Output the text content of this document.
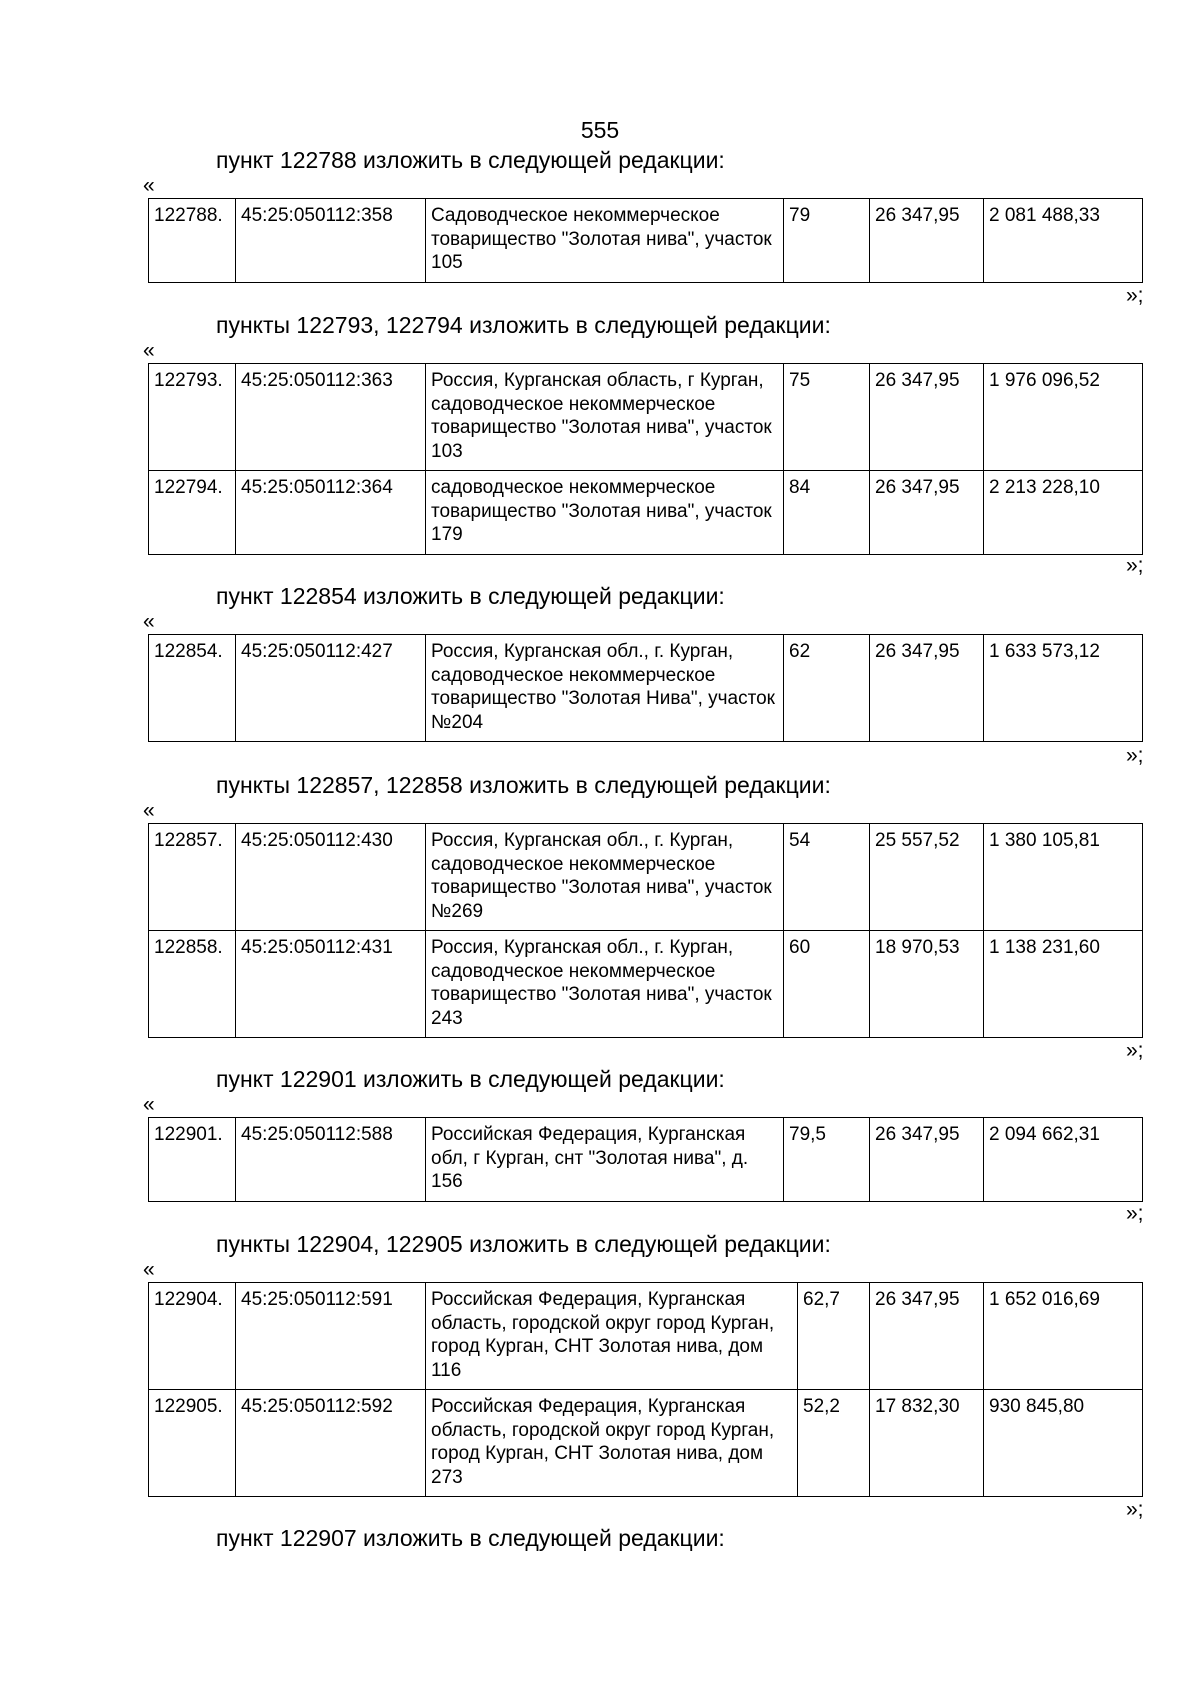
555
пункт 122788 изложить в следующей редакции:
«
122788.	45:25:050112:358	Садоводческое некоммерческое товарищество "Золотая нива", участок 105	79	26 347,95	2 081 488,33
»;
пункты 122793, 122794 изложить в следующей редакции:
«
122793.	45:25:050112:363	Россия, Курганская область, г Курган, садоводческое некоммерческое товарищество "Золотая нива", участок 103	75	26 347,95	1 976 096,52
122794.	45:25:050112:364	садоводческое некоммерческое товарищество "Золотая нива", участок 179	84	26 347,95	2 213 228,10
»;
пункт 122854 изложить в следующей редакции:
«
122854.	45:25:050112:427	Россия, Курганская обл., г. Курган, садоводческое некоммерческое товарищество "Золотая Нива", участок №204	62	26 347,95	1 633 573,12
»;
пункты 122857, 122858 изложить в следующей редакции:
«
122857.	45:25:050112:430	Россия, Курганская обл., г. Курган, садоводческое некоммерческое товарищество "Золотая нива", участок №269	54	25 557,52	1 380 105,81
122858.	45:25:050112:431	Россия, Курганская обл., г. Курган, садоводческое некоммерческое товарищество "Золотая нива", участок 243	60	18 970,53	1 138 231,60
»;
пункт 122901 изложить в следующей редакции:
«
122901.	45:25:050112:588	Российская Федерация, Курганская обл, г Курган, снт "Золотая нива", д. 156	79,5	26 347,95	2 094 662,31
»;
пункты 122904, 122905 изложить в следующей редакции:
«
122904.	45:25:050112:591	Российская Федерация, Курганская область, городской округ город Курган, город Курган, СНТ Золотая нива, дом 116	62,7	26 347,95	1 652 016,69
122905.	45:25:050112:592	Российская Федерация, Курганская область, городской округ город Курган, город Курган, СНТ Золотая нива, дом 273	52,2	17 832,30	930 845,80
»;
пункт 122907 изложить в следующей редакции:
